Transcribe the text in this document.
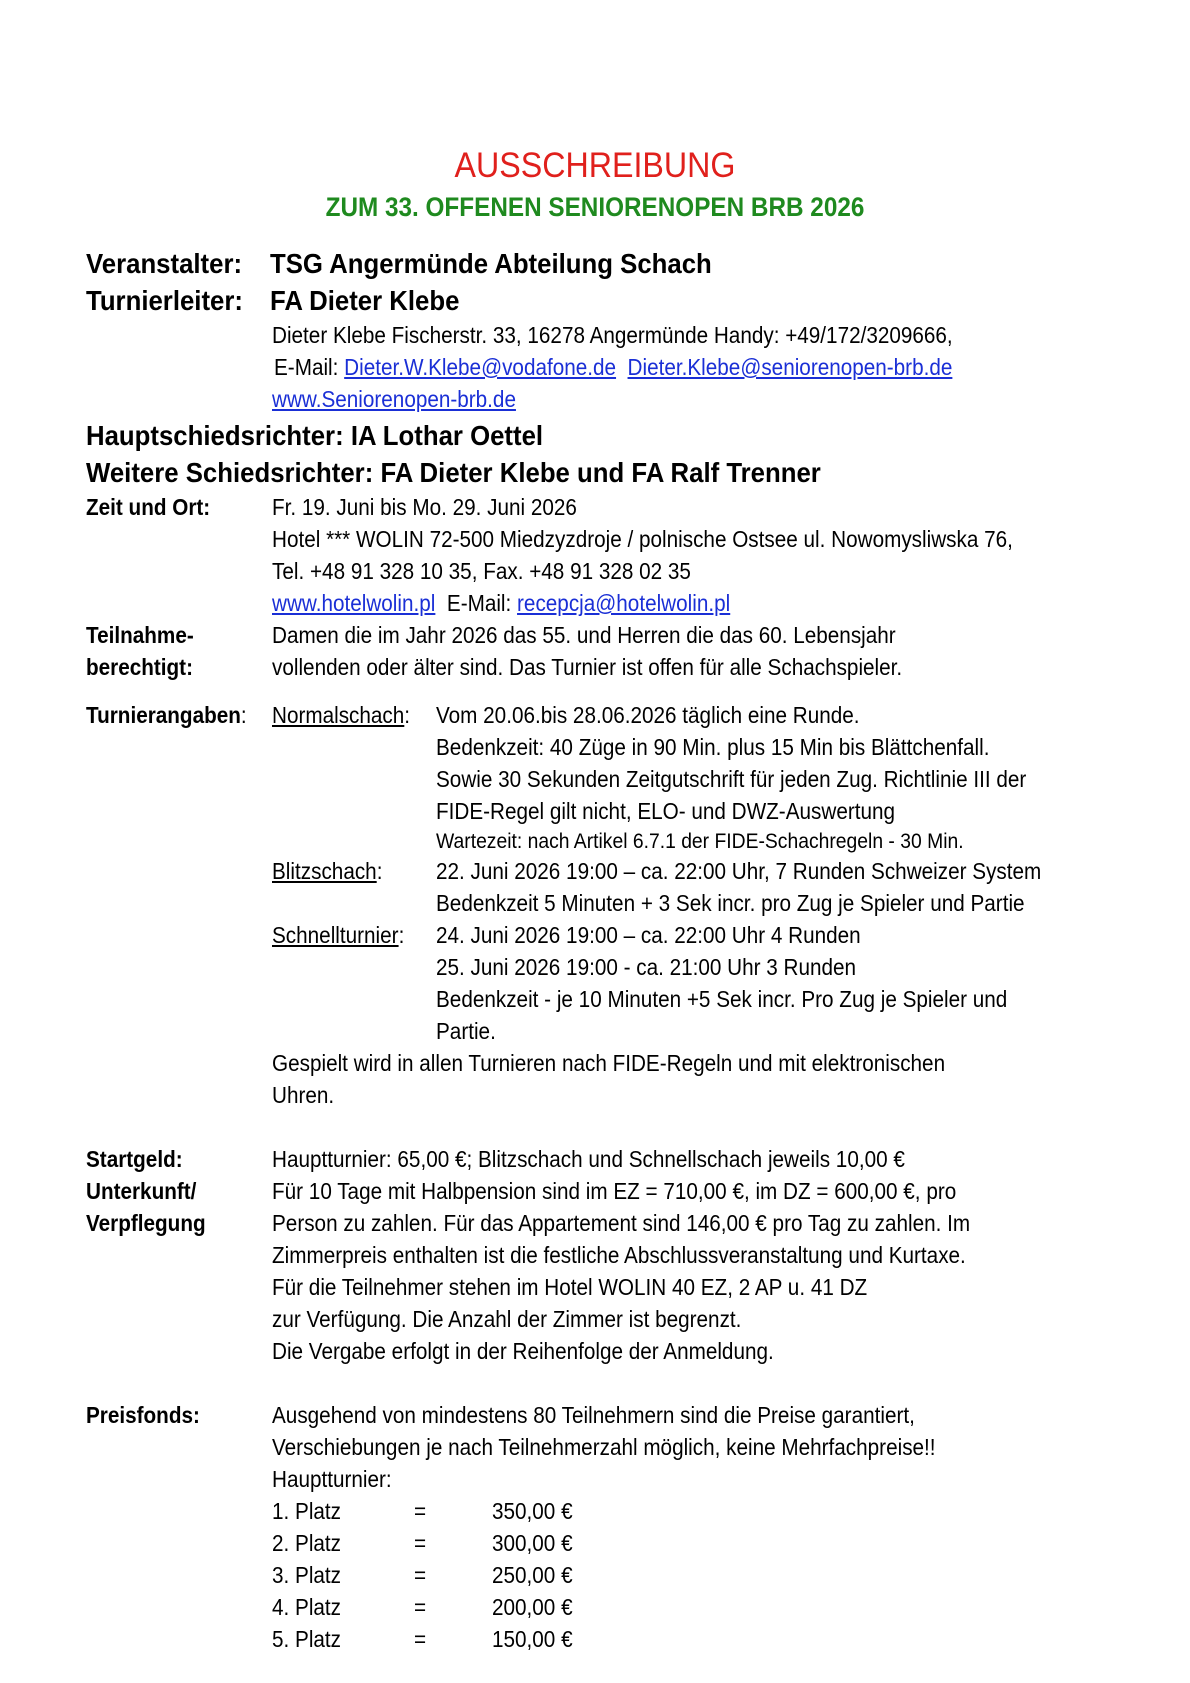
AUSSCHREIBUNG
ZUM 33. OFFENEN SENIORENOPEN BRB 2026
Veranstalter: TSG Angermünde Abteilung Schach
Turnierleiter: FA Dieter Klebe
Dieter Klebe Fischerstr. 33, 16278 Angermünde Handy: +49/172/3209666,
E-Mail: Dieter.W.Klebe@vodafone.de Dieter.Klebe@seniorenopen-brb.de
www.Seniorenopen-brb.de
Hauptschiedsrichter: IA Lothar Oettel
Weitere Schiedsrichter: FA Dieter Klebe und FA Ralf Trenner
Zeit und Ort:	Fr. 19. Juni bis Mo. 29. Juni 2026
Hotel *** WOLIN 72-500 Miedzyzdroje / polnische Ostsee ul. Nowomysliwska 76,
Tel. +48 91 328 10 35, Fax. +48 91 328 02 35
www.hotelwolin.pl E-Mail: recepcja@hotelwolin.pl
Teilnahme-
berechtigt:
Damen die im Jahr 2026 das 55. und Herren die das 60. Lebensjahr
vollenden oder älter sind. Das Turnier ist offen für alle Schachspieler.
Turnierangaben: Normalschach: Vom 20.06.bis 28.06.2026 täglich eine Runde.
Bedenkzeit: 40 Züge in 90 Min. plus 15 Min bis Blättchenfall.
Sowie 30 Sekunden Zeitgutschrift für jeden Zug. Richtlinie III der
FIDE-Regel gilt nicht, ELO- und DWZ-Auswertung
Wartezeit: nach Artikel 6.7.1 der FIDE-Schachregeln - 30 Min.
Blitzschach: 22. Juni 2026 19:00 – ca. 22:00 Uhr, 7 Runden Schweizer System
Bedenkzeit 5 Minuten + 3 Sek incr. pro Zug je Spieler und Partie
Schnellturnier: 24. Juni 2026 19:00 – ca. 22:00 Uhr 4 Runden
25. Juni 2026 19:00 - ca. 21:00 Uhr 3 Runden
Bedenkzeit - je 10 Minuten +5 Sek incr. Pro Zug je Spieler und
Partie.
Gespielt wird in allen Turnieren nach FIDE-Regeln und mit elektronischen
Uhren.
Startgeld:	Hauptturnier: 65,00 €; Blitzschach und Schnellschach jeweils 10,00 €
Unterkunft/
Verpflegung
Für 10 Tage mit Halbpension sind im EZ = 710,00 €, im DZ = 600,00 €, pro
Person zu zahlen. Für das Appartement sind 146,00 € pro Tag zu zahlen. Im
Zimmerpreis enthalten ist die festliche Abschlussveranstaltung und Kurtaxe.
Für die Teilnehmer stehen im Hotel WOLIN 40 EZ, 2 AP u. 41 DZ
zur Verfügung. Die Anzahl der Zimmer ist begrenzt.
Die Vergabe erfolgt in der Reihenfolge der Anmeldung.
Preisfonds:	Ausgehend von mindestens 80 Teilnehmern sind die Preise garantiert,
Verschiebungen je nach Teilnehmerzahl möglich, keine Mehrfachpreise!!
Hauptturnier:
1. Platz	=	350,00 €
2. Platz	=	300,00 €
3. Platz	=	250,00 €
4. Platz	=	200,00 €
5. Platz	=	150,00 €
